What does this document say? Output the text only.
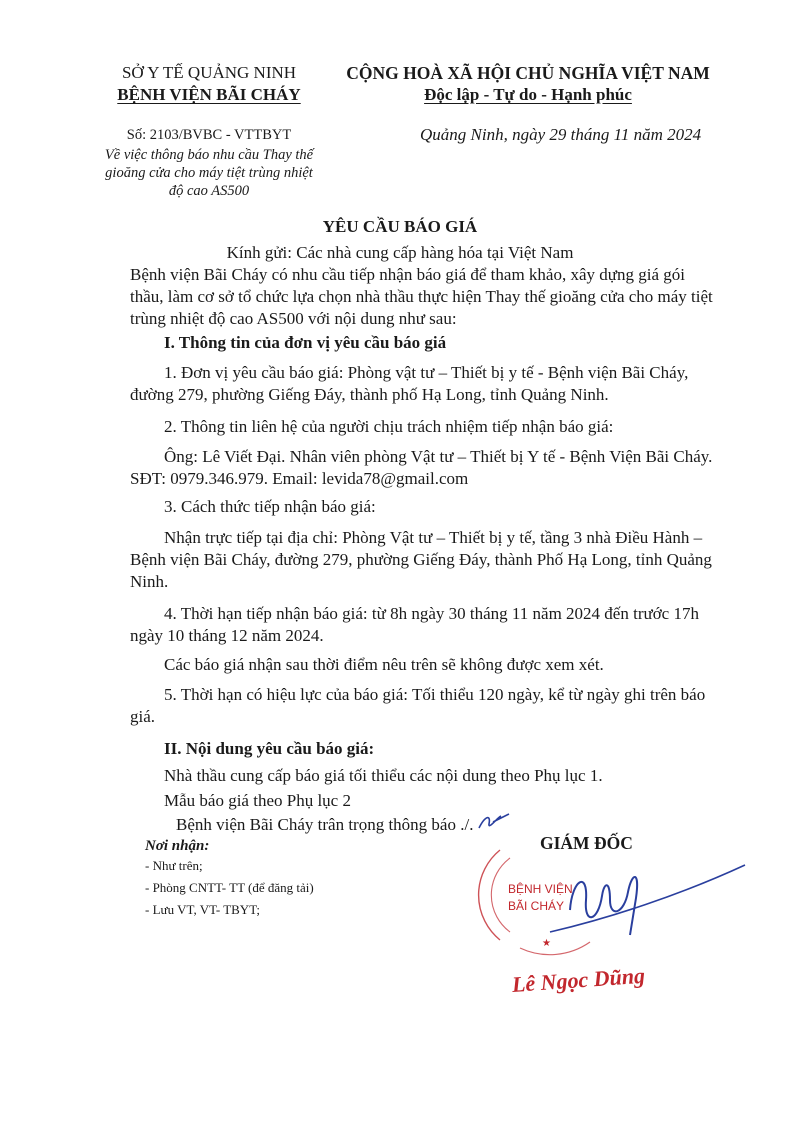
SỞ Y TẾ QUẢNG NINH
BỆNH VIỆN BÃI CHÁY
CỘNG HOÀ XÃ HỘI CHỦ NGHĨA VIỆT NAM
Độc lập - Tự do - Hạnh phúc
Số: 2103/BVBC - VTTBYT
Về việc thông báo nhu cầu Thay thế gioăng cửa cho máy tiệt trùng nhiệt độ cao AS500
Quảng Ninh, ngày 29 tháng 11 năm 2024
YÊU CẦU BÁO GIÁ
Kính gửi: Các nhà cung cấp hàng hóa tại Việt Nam
Bệnh viện Bãi Cháy có nhu cầu tiếp nhận báo giá để tham khảo, xây dựng giá gói
thầu, làm cơ sở tổ chức lựa chọn nhà thầu thực hiện Thay thế gioăng cửa cho máy tiệt
trùng nhiệt độ cao AS500 với nội dung như sau:
I. Thông tin của đơn vị yêu cầu báo giá
1. Đơn vị yêu cầu báo giá: Phòng vật tư – Thiết bị y tế - Bệnh viện Bãi Cháy,
đường 279, phường Giếng Đáy, thành phố Hạ Long, tỉnh Quảng Ninh.
2. Thông tin liên hệ của người chịu trách nhiệm tiếp nhận báo giá:
Ông: Lê Viết Đại. Nhân viên phòng Vật tư – Thiết bị Y tế - Bệnh Viện Bãi Cháy.
SĐT: 0979.346.979. Email: levida78@gmail.com
3. Cách thức tiếp nhận báo giá:
Nhận trực tiếp tại địa chỉ: Phòng Vật tư – Thiết bị y tế, tầng 3 nhà Điều Hành –
Bệnh viện Bãi Cháy, đường 279, phường Giếng Đáy, thành Phố Hạ Long, tỉnh Quảng
Ninh.
4. Thời hạn tiếp nhận báo giá: từ 8h ngày 30 tháng 11 năm 2024 đến trước 17h
ngày 10 tháng 12 năm 2024.
Các báo giá nhận sau thời điểm nêu trên sẽ không được xem xét.
5. Thời hạn có hiệu lực của báo giá: Tối thiểu 120 ngày, kể từ ngày ghi trên báo
giá.
II. Nội dung yêu cầu báo giá:
Nhà thầu cung cấp báo giá tối thiểu các nội dung theo Phụ lục 1.
Mẫu báo giá theo Phụ lục 2
Bệnh viện Bãi Cháy trân trọng thông báo ./.
Nơi nhận:
- Như trên;
- Phòng CNTT- TT (để đăng tải)
- Lưu VT, VT- TBYT;
★
BỆNH VIỆN
BÃI CHÁY
GIÁM ĐỐC
Lê Ngọc Dũng
